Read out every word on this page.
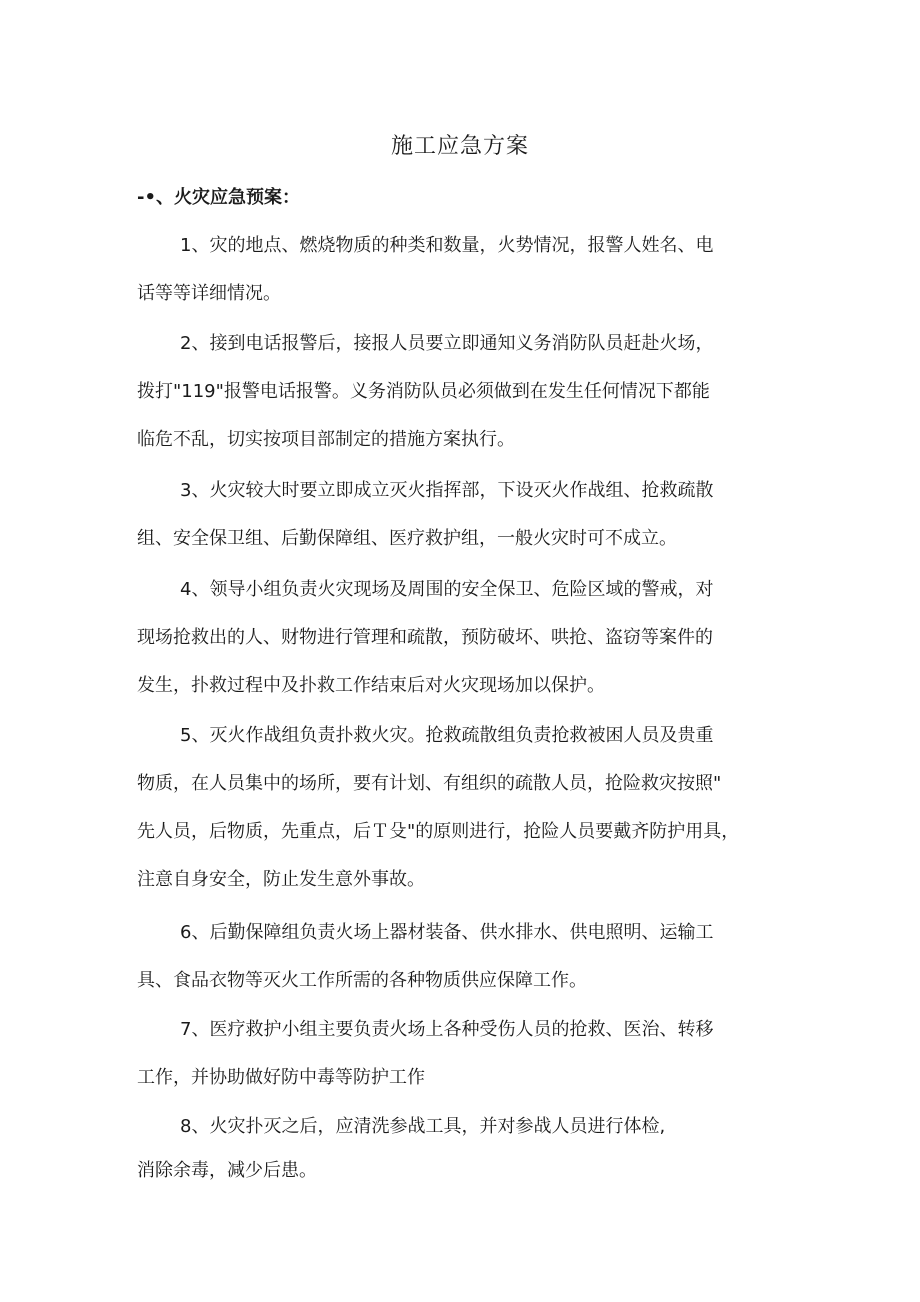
施工应急方案
-•、火灾应急预案：

1、灾的地点、燃烧物质的种类和数量，火势情况，报警人姓名、电
话等等详细情况。

2、接到电话报警后，接报人员要立即通知义务消防队员赶赴火场，
拨打"119"报警电话报警。义务消防队员必须做到在发生任何情况下都能
临危不乱，切实按项目部制定的措施方案执行。

3、火灾较大时要立即成立灭火指挥部，下设灭火作战组、抢救疏散
组、安全保卫组、后勤保障组、医疗救护组，一般火灾时可不成立。

4、领导小组负责火灾现场及周围的安全保卫、危险区域的警戒，对
现场抢救出的人、财物进行管理和疏散，预防破坏、哄抢、盗窃等案件的
发生，扑救过程中及扑救工作结束后对火灾现场加以保护。

5、灭火作战组负责扑救火灾。抢救疏散组负责抢救被困人员及贵重
物质，在人员集中的场所，要有计划、有组织的疏散人员，抢险救灾按照"
先人员，后物质，先重点，后Ｔ殳"的原则进行，抢险人员要戴齐防护用具，
注意自身安全，防止发生意外事故。

6、后勤保障组负责火场上器材装备、供水排水、供电照明、运输工
具、食品衣物等灭火工作所需的各种物质供应保障工作。

7、医疗救护小组主要负责火场上各种受伤人员的抢救、医治、转移
工作，并协助做好防中毒等防护工作

8、火灾扑灭之后，应清洗参战工具，并对参战人员进行体检,
消除余毒，减少后患。
